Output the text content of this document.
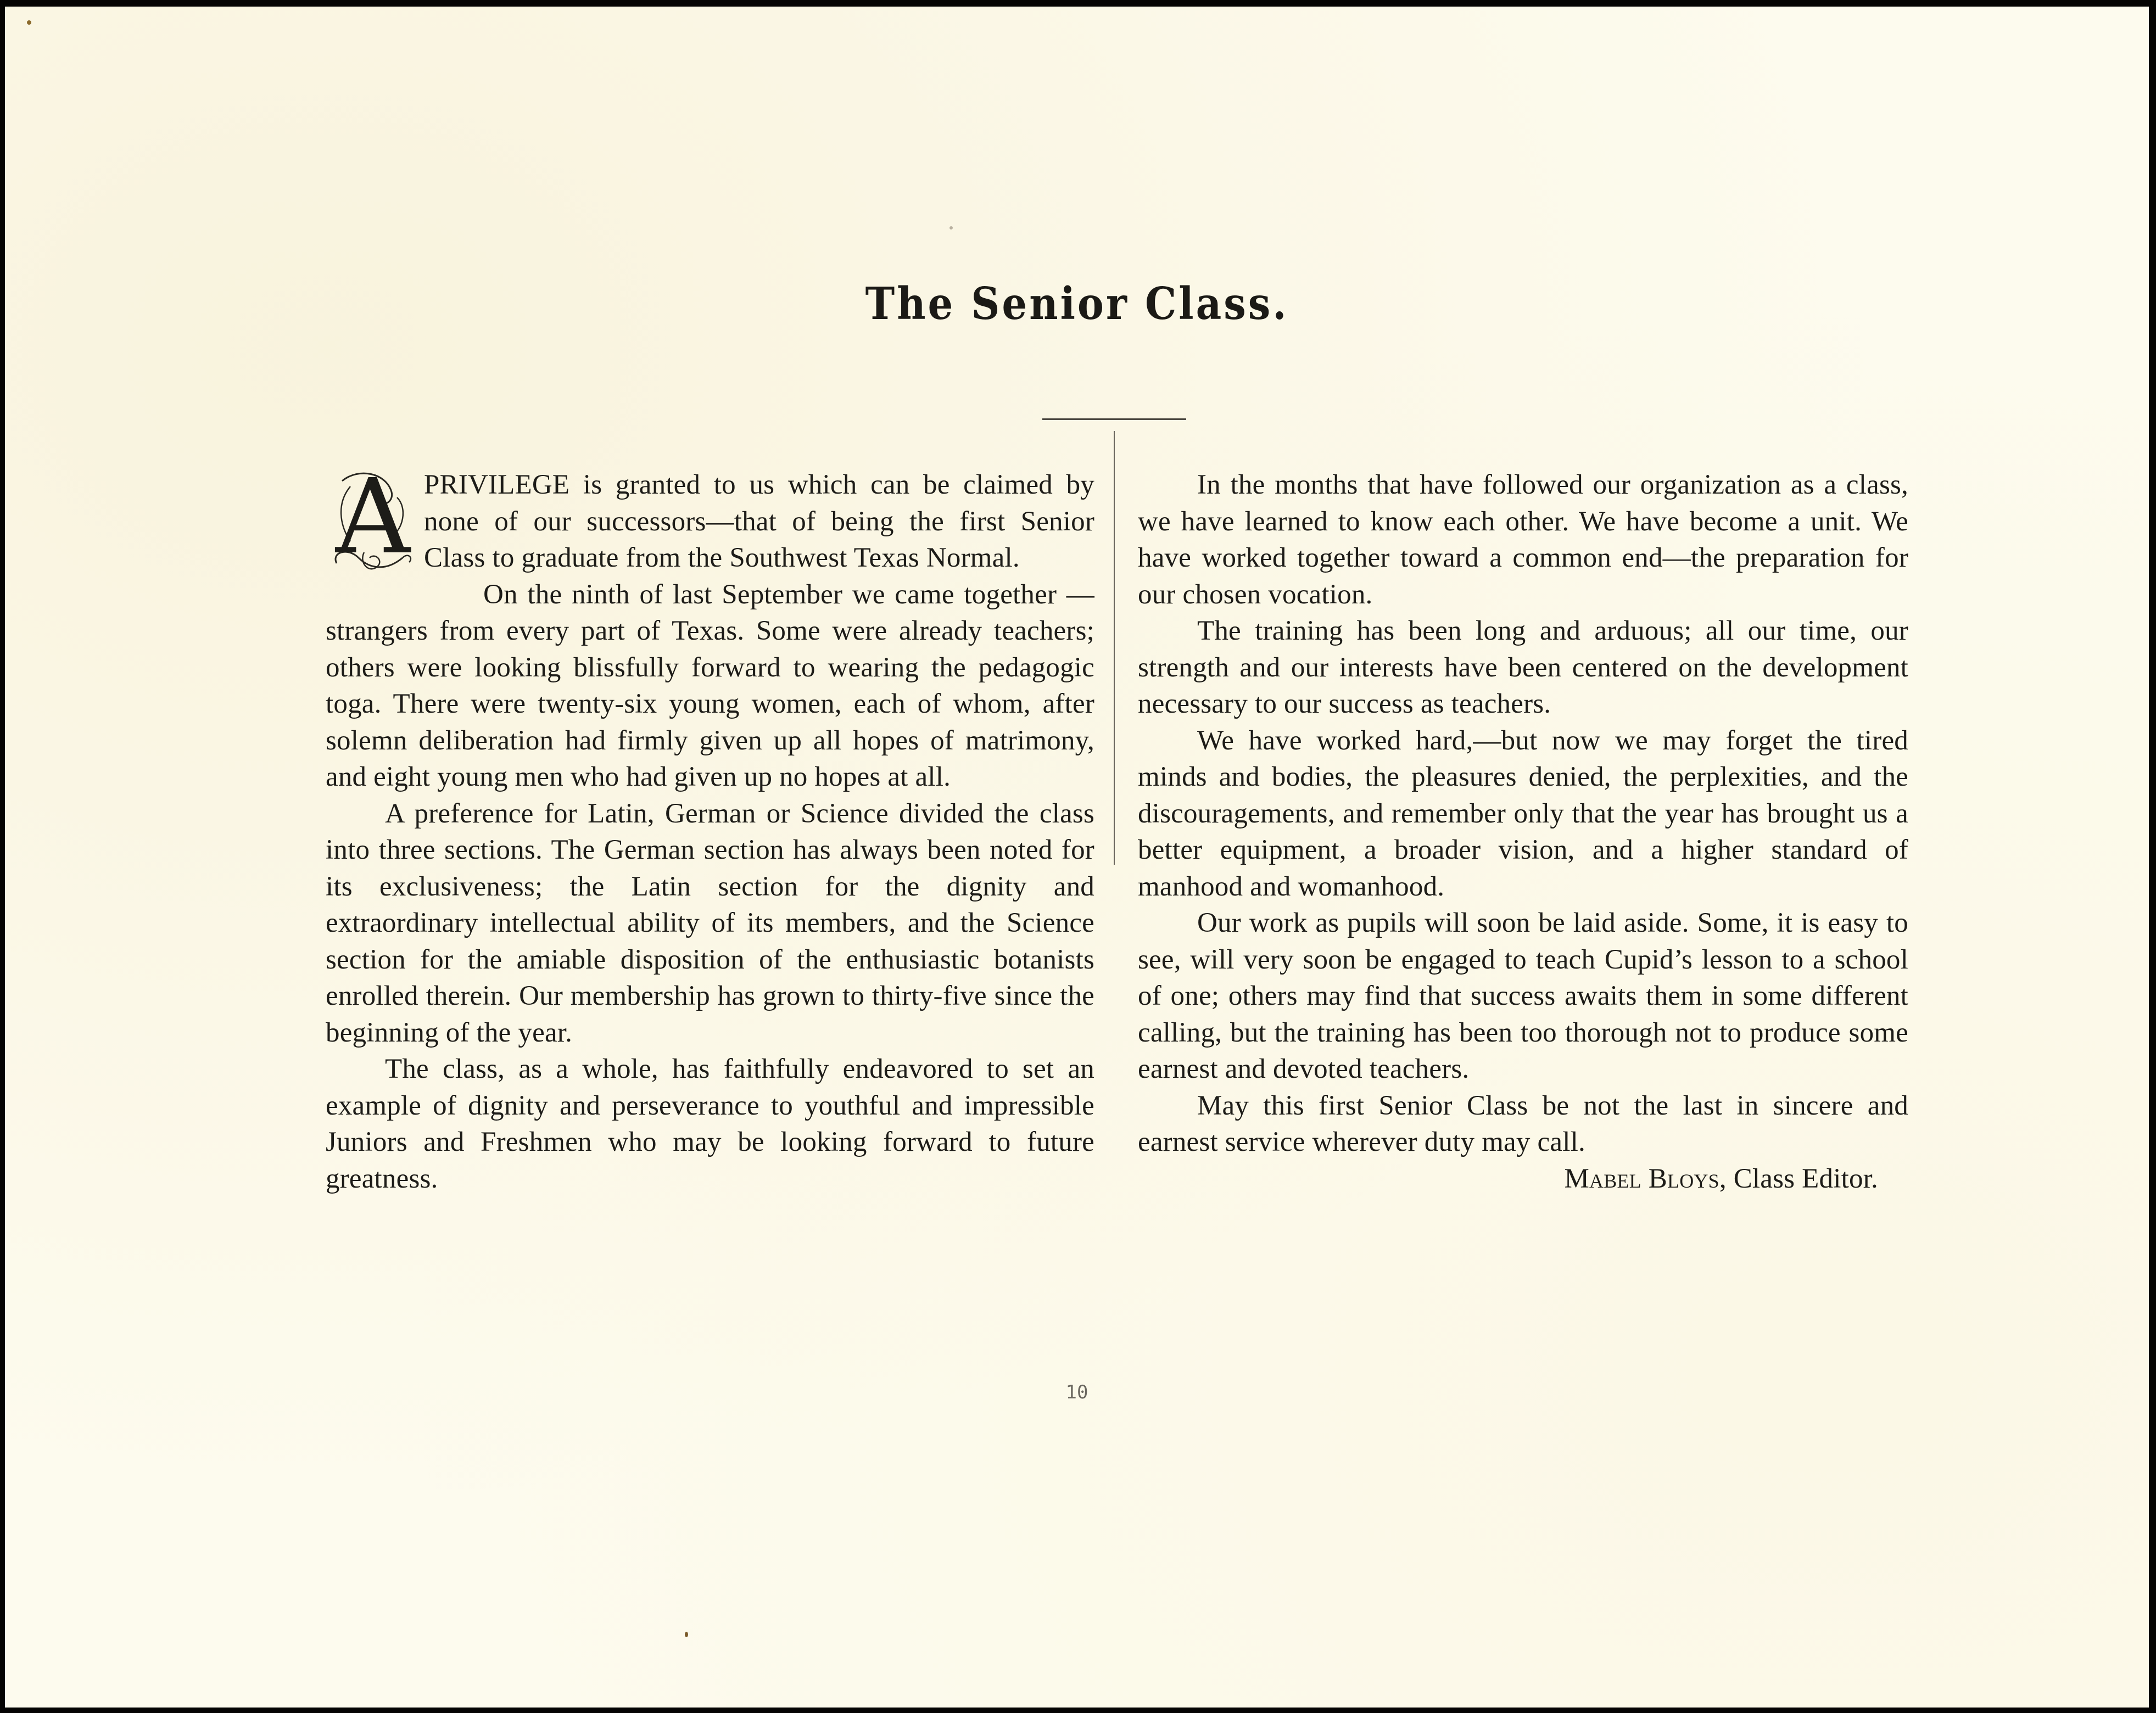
The Senior Class.

A PRIVILEGE is granted to us which can be claimed by none of our successors—that of being the first Senior Class to graduate from the Southwest Texas Normal.

On the ninth of last September we came together —strangers from every part of Texas. Some were already teachers; others were looking blissfully forward to wearing the pedagogic toga. There were twenty-six young women, each of whom, after solemn deliberation had firmly given up all hopes of matrimony, and eight young men who had given up no hopes at all.

A preference for Latin, German or Science divided the class into three sections. The German section has always been noted for its exclusiveness; the Latin section for the dignity and extraordinary intellectual ability of its members, and the Science section for the amiable disposition of the enthusiastic botanists enrolled therein. Our membership has grown to thirty-five since the beginning of the year.

The class, as a whole, has faithfully endeavored to set an example of dignity and perseverance to youthful and impressible Juniors and Freshmen who may be looking forward to future greatness.

In the months that have followed our organization as a class, we have learned to know each other. We have become a unit. We have worked together toward a common end—the preparation for our chosen vocation.

The training has been long and arduous; all our time, our strength and our interests have been centered on the development necessary to our success as teachers.

We have worked hard,—but now we may forget the tired minds and bodies, the pleasures denied, the perplexities, and the discouragements, and remember only that the year has brought us a better equipment, a broader vision, and a higher standard of manhood and womanhood.

Our work as pupils will soon be laid aside. Some, it is easy to see, will very soon be engaged to teach Cupid’s lesson to a school of one; others may find that success awaits them in some different calling, but the training has been too thorough not to produce some earnest and devoted teachers.

May this first Senior Class be not the last in sincere and earnest service wherever duty may call.

Mabel Bloys, Class Editor.

10
